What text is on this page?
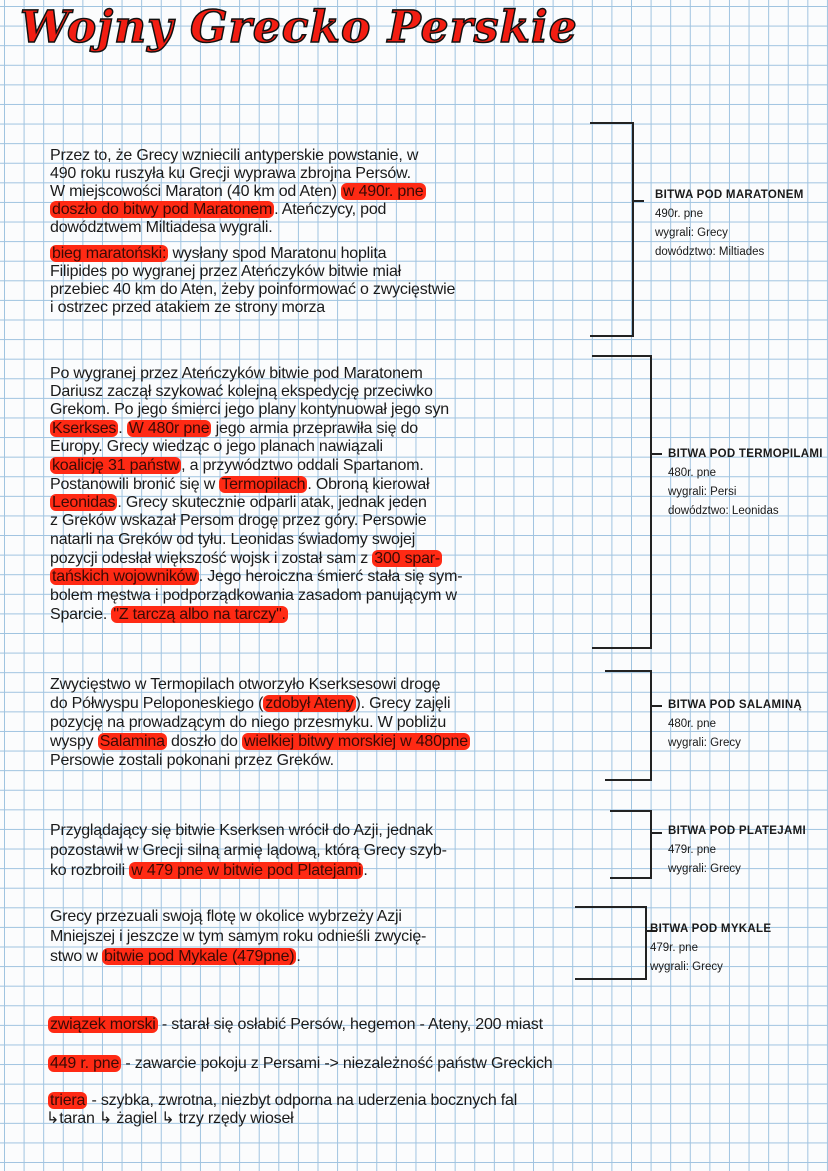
Wojny Grecko Perskie
Przez to, że Grecy wzniecili antyperskie powstanie, w
490 roku ruszyła ku Grecji wyprawa zbrojna Persów.
W miejscowości Maraton (40 km od Aten) w 490r. pne
doszło do bitwy pod Maratonem . Ateńczycy, pod
dowództwem Miltiadesa wygrali.
bieg maratoński: wysłany spod Maratonu hoplita
Filipides po wygranej przez Ateńczyków bitwie miał
przebiec 40 km do Aten, żeby poinformować o zwycięstwie
i ostrzec przed atakiem ze strony morza
BITWA POD MARATONEM
490r. pne
wygrali: Grecy
dowództwo: Miltiades
Po wygranej przez Ateńczyków bitwie pod Maratonem
Dariusz zaczął szykować kolejną ekspedycję przeciwko
Grekom. Po jego śmierci jego plany kontynuował jego syn
Kserkses . W 480r pne jego armia przeprawiła się do
Europy. Grecy wiedząc o jego planach nawiązali
koalicję 31 państw , a przywództwo oddali Spartanom.
Postanowili bronić się w Termopilach . Obroną kierował
Leonidas . Grecy skutecznie odparli atak, jednak jeden
z Greków wskazał Persom drogę przez góry. Persowie
natarli na Greków od tyłu. Leonidas świadomy swojej
pozycji odesłał większość wojsk i został sam z 300 spar-
tańskich wojowników . Jego heroiczna śmierć stała się sym-
bolem męstwa i podporządkowania zasadom panującym w
Sparcie. "Z tarczą albo na tarczy".
BITWA POD TERMOPILAMI
480r. pne
wygrali: Persi
dowództwo: Leonidas
Zwycięstwo w Termopilach otworzyło Kserksesowi drogę
do Półwyspu Peloponeskiego ( zdobył Ateny ). Grecy zajęli
pozycję na prowadzącym do niego przesmyku. W pobliżu
wyspy Salamina doszło do wielkiej bitwy morskiej w 480pne
Persowie zostali pokonani przez Greków.
BITWA POD SALAMINĄ
480r. pne
wygrali: Grecy
Przyglądający się bitwie Kserksen wrócił do Azji, jednak
pozostawił w Grecji silną armię lądową, którą Grecy szyb-
ko rozbroili w 479 pne w bitwie pod Platejami .
BITWA POD PLATEJAMI
479r. pne
wygrali: Grecy
Grecy przezuali swoją flotę w okolice wybrzeży Azji
Mniejszej i jeszcze w tym samym roku odnieśli zwycię-
stwo w bitwie pod Mykale (479pne) .
BITWA POD MYKALE
479r. pne
wygrali: Grecy
związek morski - starał się osłabić Persów, hegemon - Ateny, 200 miast
449 r. pne - zawarcie pokoju z Persami -> niezależność państw Greckich
triera - szybka, zwrotna, niezbyt odporna na uderzenia bocznych fal
↳taran ↳ żagiel ↳ trzy rzędy wioseł
